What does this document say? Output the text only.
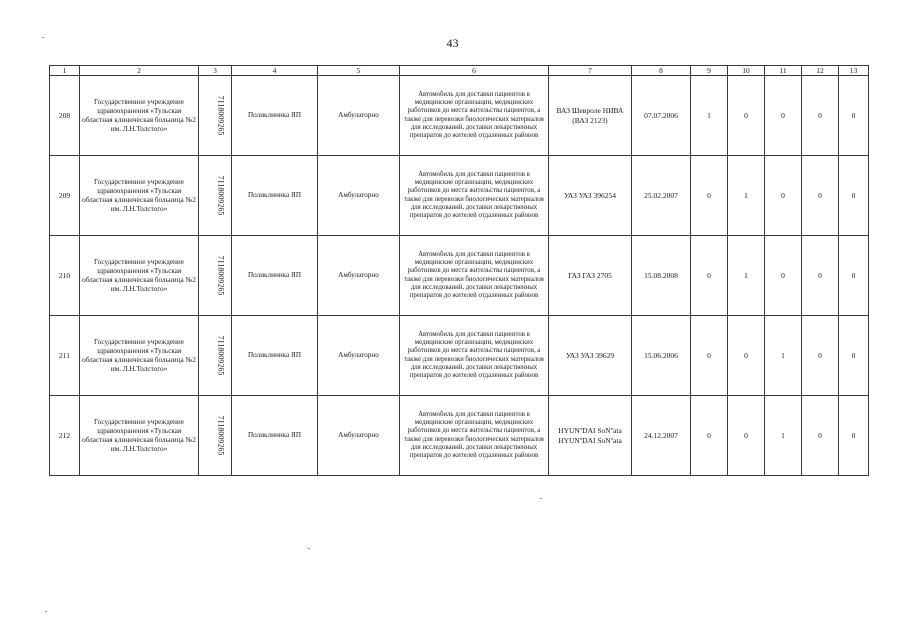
43
1	2	3	4	5	6	7	8	9	10	11	12	13
208	Государственное учреждение здравоохранения «Тульская областная клиническая больница №2 им. Л.Н.Толстого»	7118009265	Поликлиника ЯП	Амбулаторно	Автомобиль для доставки пациентов в медицинские организации, медицинских работников до места жительства пациентов, а также для перевозки биологических материалов для исследований, доставки лекарственных препаратов до жителей отдаленных районов	ВАЗ Шевроле НИВА (ВАЗ 2123)	07.07.2006	1	0	0	0	0
209	Государственное учреждение здравоохранения «Тульская областная клиническая больница №2 им. Л.Н.Толстого»	7118009265	Поликлиника ЯП	Амбулаторно	Автомобиль для доставки пациентов в медицинские организации, медицинских работников до места жительства пациентов, а также для перевозки биологических материалов для исследований, доставки лекарственных препаратов до жителей отдаленных районов	УАЗ УАЗ 396254	25.02.2007	0	1	0	0	0
210	Государственное учреждение здравоохранения «Тульская областная клиническая больница №2 им. Л.Н.Толстого»	7118009265	Поликлиника ЯП	Амбулаторно	Автомобиль для доставки пациентов в медицинские организации, медицинских работников до места жительства пациентов, а также для перевозки биологических материалов для исследований, доставки лекарственных препаратов до жителей отдаленных районов	ГАЗ ГАЗ 2705	15.08.2008	0	1	0	0	0
211	Государственное учреждение здравоохранения «Тульская областная клиническая больница №2 им. Л.Н.Толстого»	7118009265	Поликлиника ЯП	Амбулаторно	Автомобиль для доставки пациентов в медицинские организации, медицинских работников до места жительства пациентов, а также для перевозки биологических материалов для исследований, доставки лекарственных препаратов до жителей отдаленных районов	УАЗ УАЗ 39629	15.06.2006	0	0	1	0	0
212	Государственное учреждение здравоохранения «Тульская областная клиническая больница №2 им. Л.Н.Толстого»	7118009265	Поликлиника ЯП	Амбулаторно	Автомобиль для доставки пациентов в медицинские организации, медицинских работников до места жительства пациентов, а также для перевозки биологических материалов для исследований, доставки лекарственных препаратов до жителей отдаленных районов	HYUNºDAI SoNºata HYUNºDAI SoNºata	24.12.2007	0	0	1	0	0
